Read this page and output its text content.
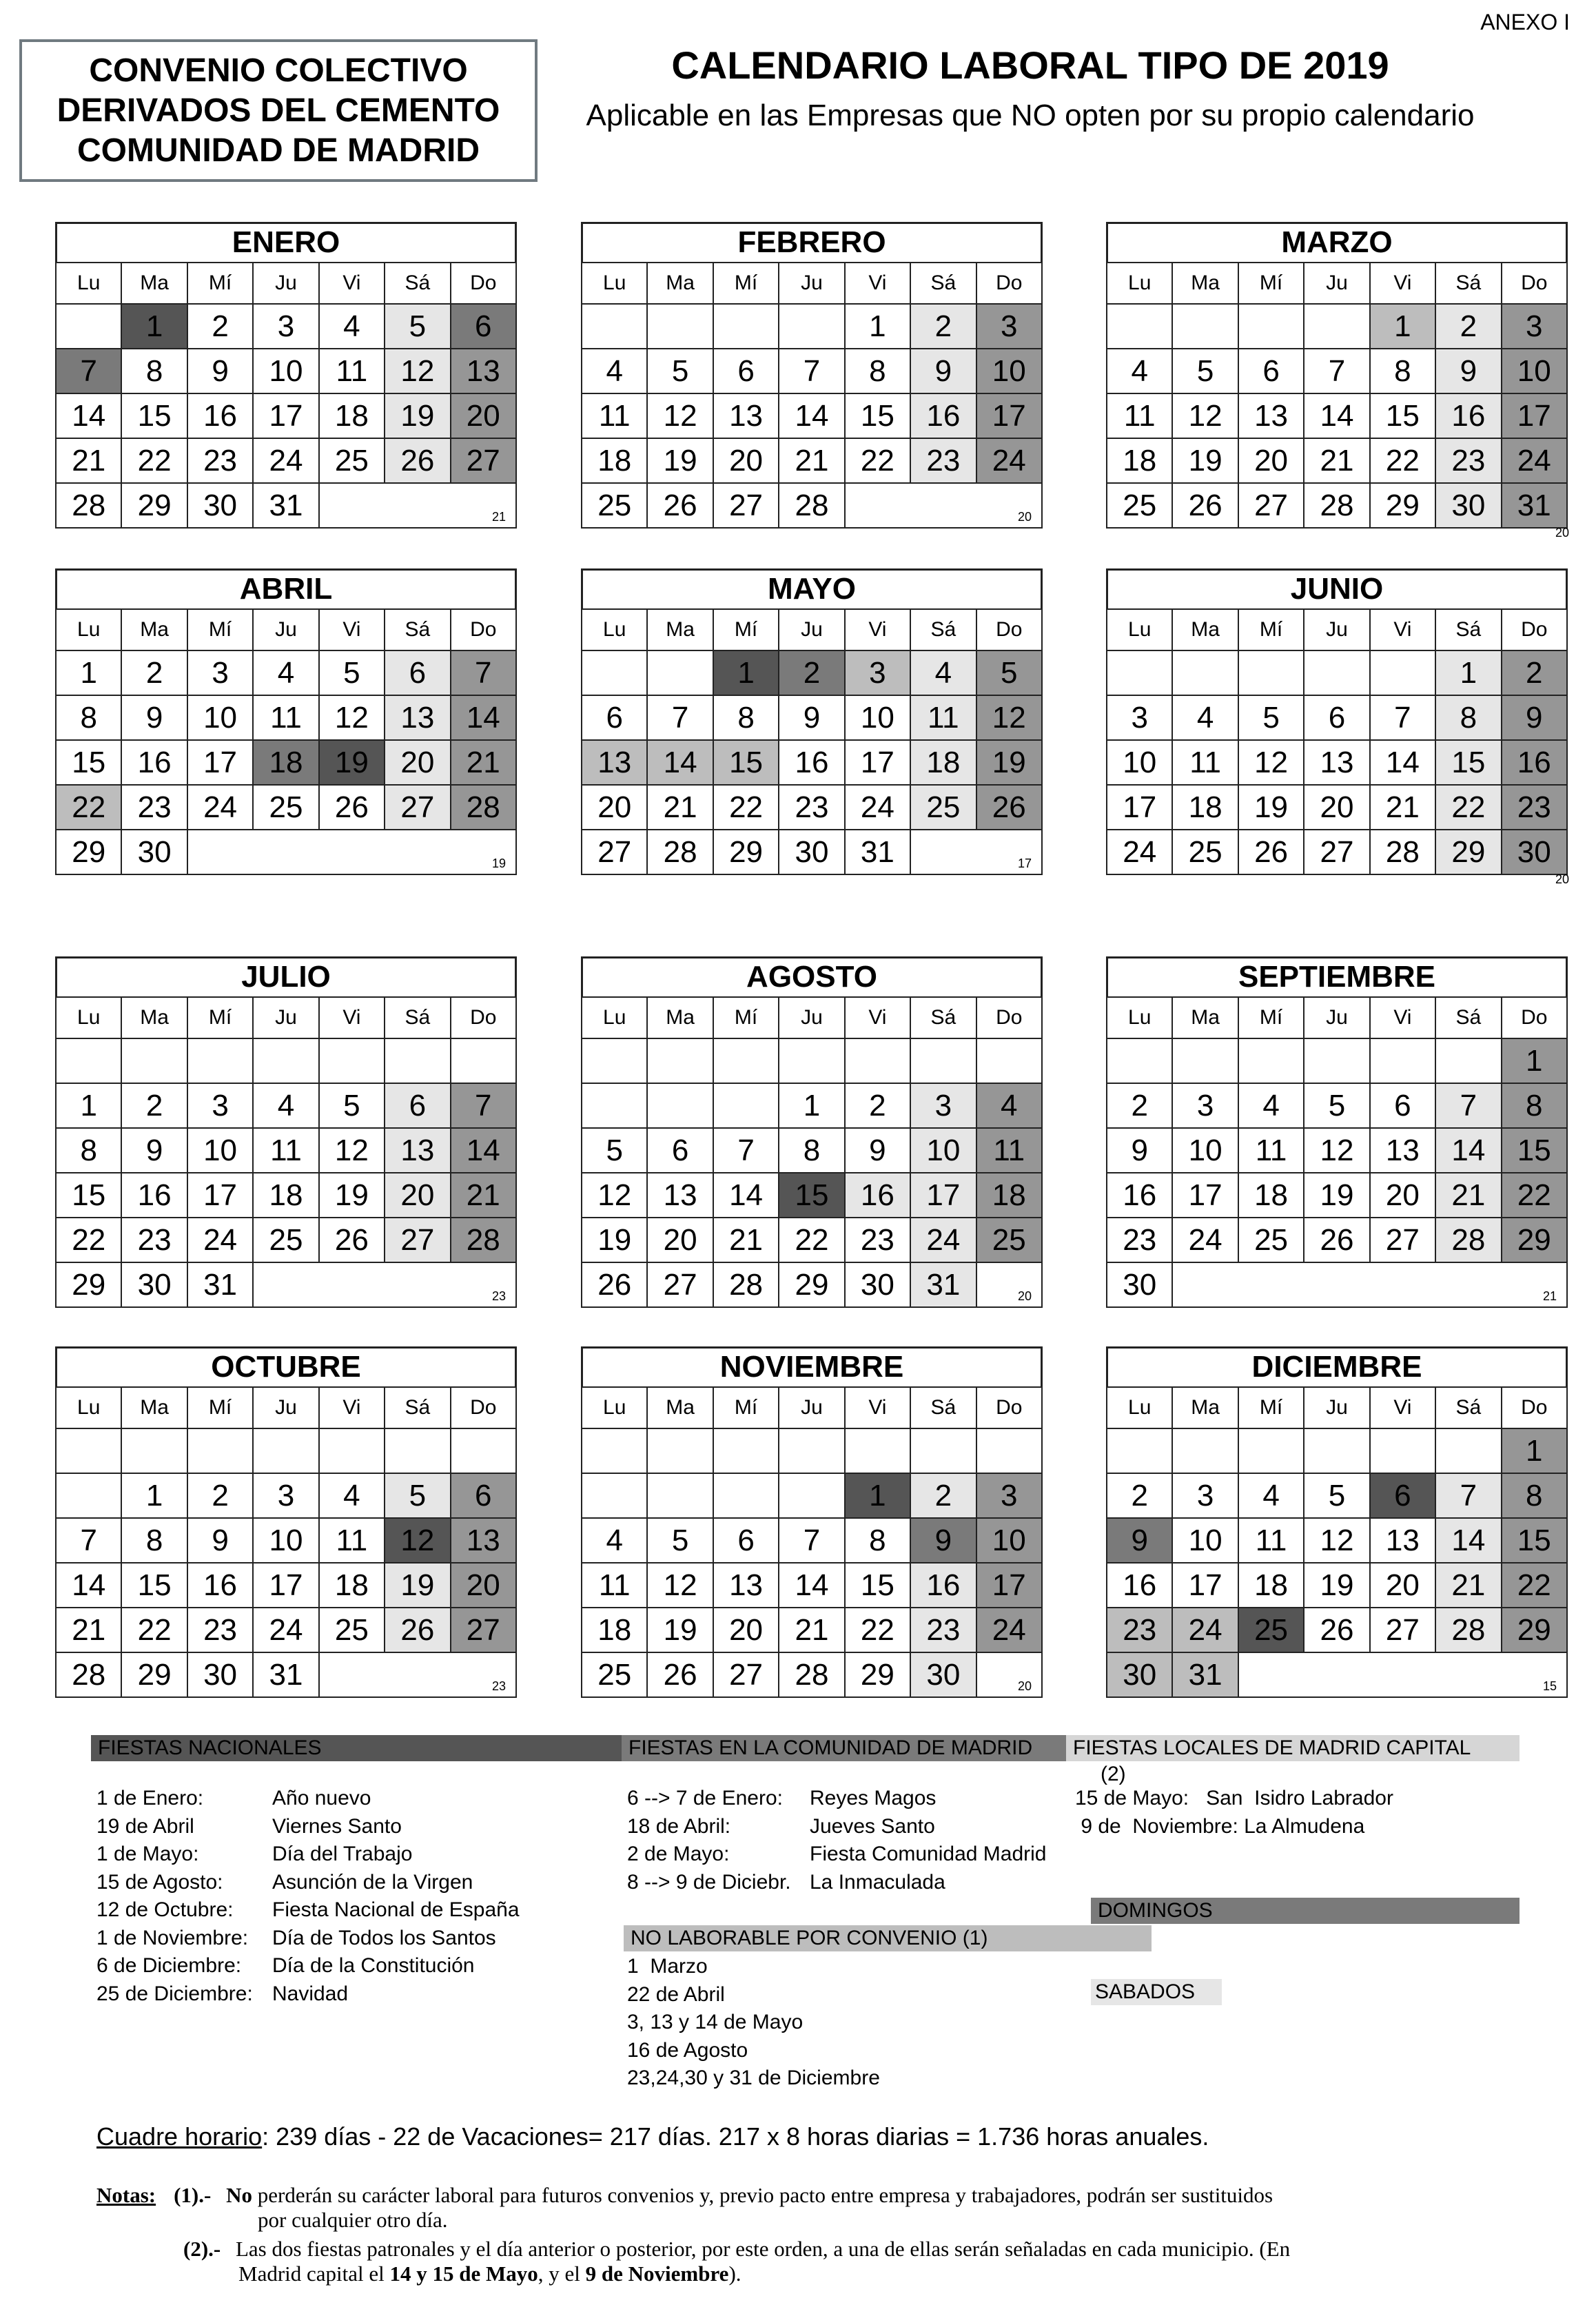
ANEXO I
CONVENIO COLECTIVO
DERIVADOS DEL CEMENTO
COMUNIDAD DE MADRID
CALENDARIO LABORAL TIPO DE 2019
Aplicable en las Empresas que NO opten por su propio calendario
ENERO
Lu	Ma	Mí	Ju	Vi	Sá	Do
	1	2	3	4	5	6
7	8	9	10	11	12	13
14	15	16	17	18	19	20
21	22	23	24	25	26	27
28	29	30	31	21		
FEBRERO
Lu	Ma	Mí	Ju	Vi	Sá	Do
				1	2	3
4	5	6	7	8	9	10
11	12	13	14	15	16	17
18	19	20	21	22	23	24
25	26	27	28	20		
MARZO
Lu	Ma	Mí	Ju	Vi	Sá	Do
				1	2	3
4	5	6	7	8	9	10
11	12	13	14	15	16	17
18	19	20	21	22	23	24
25	26	27	28	29	30	31
20
ABRIL
Lu	Ma	Mí	Ju	Vi	Sá	Do
1	2	3	4	5	6	7
8	9	10	11	12	13	14
15	16	17	18	19	20	21
22	23	24	25	26	27	28
29	30	19				
MAYO
Lu	Ma	Mí	Ju	Vi	Sá	Do
		1	2	3	4	5
6	7	8	9	10	11	12
13	14	15	16	17	18	19
20	21	22	23	24	25	26
27	28	29	30	31	17	
JUNIO
Lu	Ma	Mí	Ju	Vi	Sá	Do
					1	2
3	4	5	6	7	8	9
10	11	12	13	14	15	16
17	18	19	20	21	22	23
24	25	26	27	28	29	30
20
JULIO
Lu	Ma	Mí	Ju	Vi	Sá	Do

1	2	3	4	5	6	7
8	9	10	11	12	13	14
15	16	17	18	19	20	21
22	23	24	25	26	27	28
29	30	31	23			
AGOSTO
Lu	Ma	Mí	Ju	Vi	Sá	Do

			1	2	3	4
5	6	7	8	9	10	11
12	13	14	15	16	17	18
19	20	21	22	23	24	25
26	27	28	29	30	31	20
SEPTIEMBRE
Lu	Ma	Mí	Ju	Vi	Sá	Do
						1
2	3	4	5	6	7	8
9	10	11	12	13	14	15
16	17	18	19	20	21	22
23	24	25	26	27	28	29
30	21					
OCTUBRE
Lu	Ma	Mí	Ju	Vi	Sá	Do

	1	2	3	4	5	6
7	8	9	10	11	12	13
14	15	16	17	18	19	20
21	22	23	24	25	26	27
28	29	30	31	23		
NOVIEMBRE
Lu	Ma	Mí	Ju	Vi	Sá	Do

				1	2	3
4	5	6	7	8	9	10
11	12	13	14	15	16	17
18	19	20	21	22	23	24
25	26	27	28	29	30	20
DICIEMBRE
Lu	Ma	Mí	Ju	Vi	Sá	Do
						1
2	3	4	5	6	7	8
9	10	11	12	13	14	15
16	17	18	19	20	21	22
23	24	25	26	27	28	29
30	31	15				
FIESTAS NACIONALES	FIESTAS EN LA COMUNIDAD DE MADRID	FIESTAS LOCALES DE MADRID CAPITAL (2)
DOMINGOS
NO LABORABLE POR CONVENIO (1)
SABADOS
1 de Enero:	Año nuevo
19 de Abril	Viernes Santo
1 de Mayo:	Día del Trabajo
15 de Agosto: Asunción de la Virgen
12 de Octubre:Fiesta Nacional de España
1 de Noviembre: Día de Todos los Santos
6 de Diciembre: Día de la Constitución
25 de Diciembre: Navidad
6 --> 7 de Enero: Reyes Magos
18 de Abril:	Jueves Santo
2 de Mayo:	Fiesta Comunidad Madrid
8 --> 9 de Diciebr.La Inmaculada
15 de Mayo:   San  Isidro Labrador
9 de  Noviembre: La Almudena
1  Marzo
22 de Abril
3, 13 y 14 de Mayo
16 de Agosto
23,24,30 y 31 de Diciembre
Cuadre horario: 239 días - 22 de Vacaciones= 217 días. 217 x 8 horas diarias = 1.736 horas anuales.
Notas: (1).- No perderán su carácter laboral para futuros convenios y, previo pacto entre empresa y trabajadores, podrán ser sustituidos
por cualquier otro día.
(2).- Las dos fiestas patronales y el día anterior o posterior, por este orden, a una de ellas serán señaladas en cada municipio. (En
Madrid capital el 14 y 15 de Mayo, y el 9 de Noviembre).
